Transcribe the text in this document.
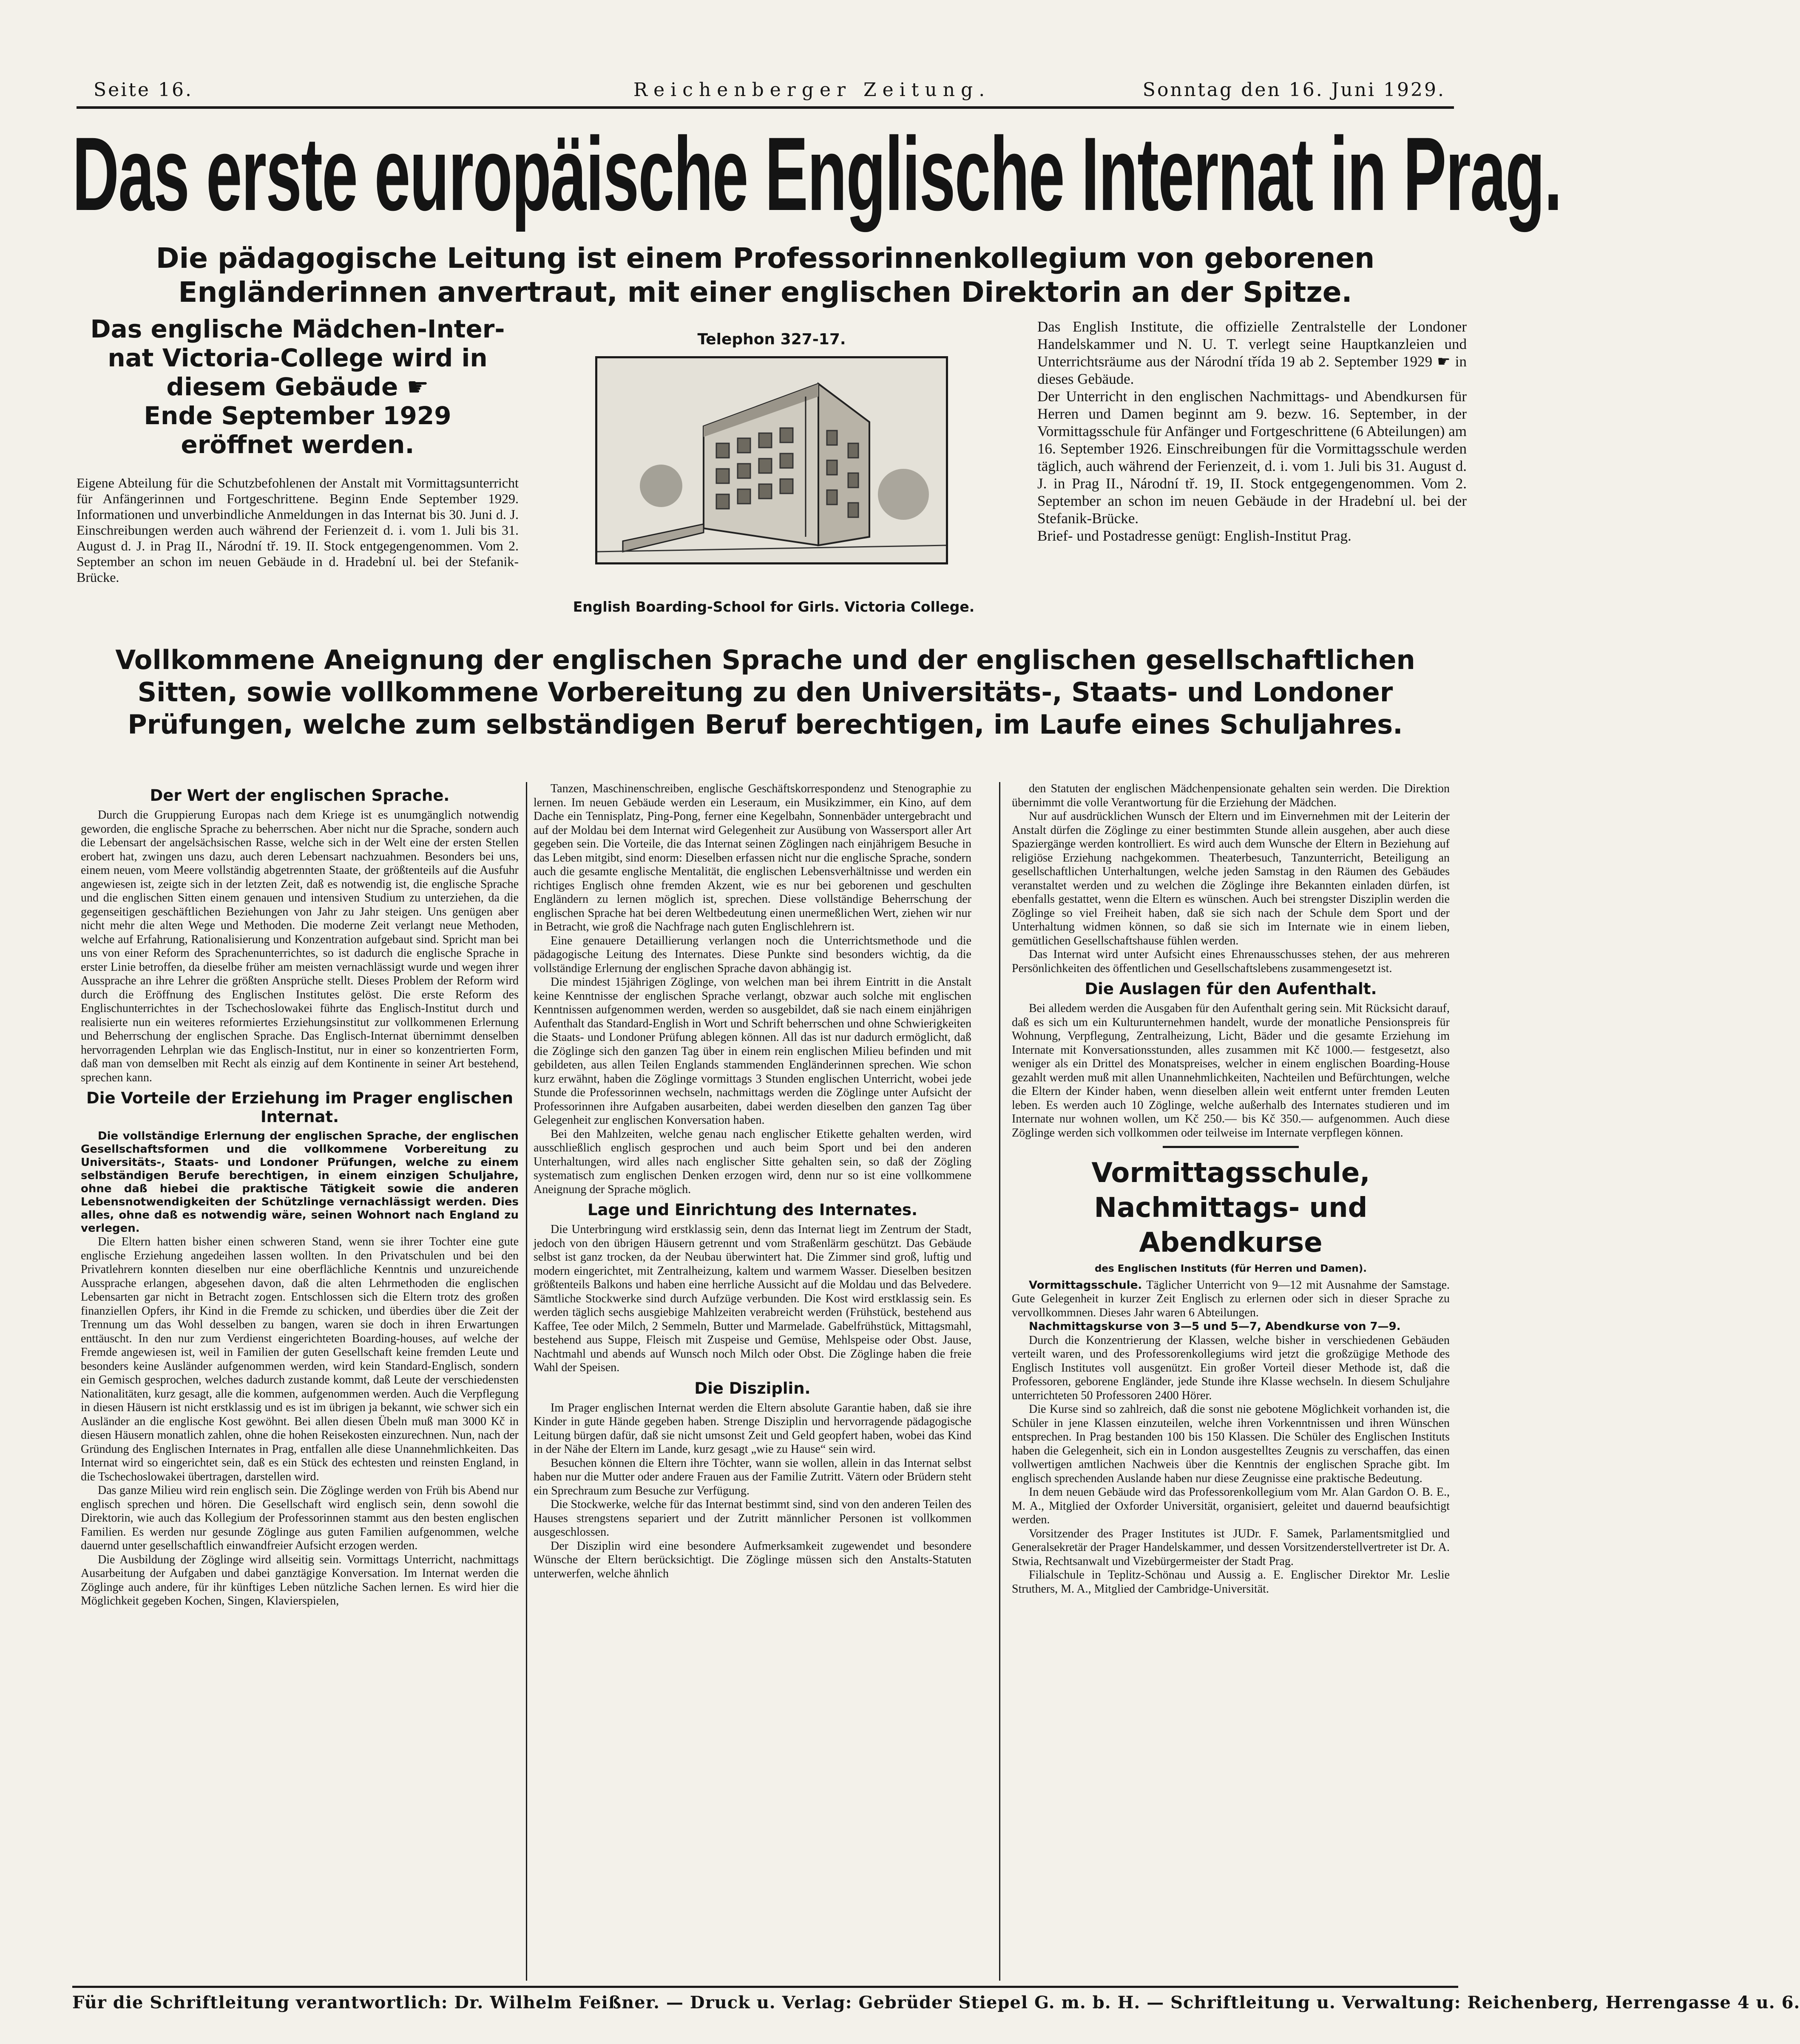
Seite 16.	Reichenberger Zeitung.	Sonntag den 16. Juni 1929.
Das erste europäische Englische Internat in Prag.
Die pädagogische Leitung ist einem Professorinnenkollegium von geborenen Engländerinnen anvertraut, mit einer englischen Direktorin an der Spitze.
Das englische Mädchen-Inter-
nat Victoria-College wird in
diesem Gebäude ☛
Ende September 1929
eröffnet werden.
Eigene Abteilung für die Schutzbefohlenen der Anstalt mit Vormittagsunterricht für Anfängerinnen und Fortgeschrittene. Beginn Ende September 1929. Informationen und unverbindliche Anmeldungen in das Internat bis 30. Juni d. J. Einschreibungen werden auch während der Ferienzeit d. i. vom 1. Juli bis 31. August d. J. in Prag II., Národní tř. 19. II. Stock entgegengenommen. Vom 2. September an schon im neuen Gebäude in d. Hradební ul. bei der Stefanik-Brücke.
Telephon 327-17.
English Boarding-School for Girls. Victoria College.
Das English Institute, die offizielle Zentralstelle der Londoner Handelskammer und N. U. T. verlegt seine Hauptkanzleien und Unterrichtsräume aus der Národní třída 19 ab 2. September 1929 ☛ in dieses Gebäude.
Der Unterricht in den englischen Nachmittags- und Abendkursen für Herren und Damen beginnt am 9. bezw. 16. September, in der Vormittagsschule für Anfänger und Fortgeschrittene (6 Abteilungen) am 16. September 1926. Einschreibungen für die Vormittagsschule werden täglich, auch während der Ferienzeit, d. i. vom 1. Juli bis 31. August d. J. in Prag II., Národní tř. 19, II. Stock entgegengenommen. Vom 2. September an schon im neuen Gebäude in der Hradební ul. bei der Stefanik-Brücke.
Brief- und Postadresse genügt: English-Institut Prag.
Vollkommene Aneignung der englischen Sprache und der englischen gesellschaftlichen Sitten, sowie vollkommene Vorbereitung zu den Universitäts-, Staats- und Londoner Prüfungen, welche zum selbständigen Beruf berechtigen, im Laufe eines Schuljahres.
Der Wert der englischen Sprache.

Durch die Gruppierung Europas nach dem Kriege ist es unumgänglich notwendig geworden, die englische Sprache zu beherrschen. Aber nicht nur die Sprache, sondern auch die Lebensart der angelsächsischen Rasse, welche sich in der Welt eine der ersten Stellen erobert hat, zwingen uns dazu, auch deren Lebensart nachzuahmen. Besonders bei uns, einem neuen, vom Meere vollständig abgetrennten Staate, der größtenteils auf die Ausfuhr angewiesen ist, zeigte sich in der letzten Zeit, daß es notwendig ist, die englische Sprache und die englischen Sitten einem genauen und intensiven Studium zu unterziehen, da die gegenseitigen geschäftlichen Beziehungen von Jahr zu Jahr steigen. Uns genügen aber nicht mehr die alten Wege und Methoden. Die moderne Zeit verlangt neue Methoden, welche auf Erfahrung, Rationalisierung und Konzentration aufgebaut sind. Spricht man bei uns von einer Reform des Sprachenunterrichtes, so ist dadurch die englische Sprache in erster Linie betroffen, da dieselbe früher am meisten vernachlässigt wurde und wegen ihrer Aussprache an ihre Lehrer die größten Ansprüche stellt. Dieses Problem der Reform wird durch die Eröffnung des Englischen Institutes gelöst. Die erste Reform des Englischunterrichtes in der Tschechoslowakei führte das Englisch-Institut durch und realisierte nun ein weiteres reformiertes Erziehungsinstitut zur vollkommenen Erlernung und Beherrschung der englischen Sprache. Das Englisch-Internat übernimmt denselben hervorragenden Lehrplan wie das Englisch-Institut, nur in einer so konzentrierten Form, daß man von demselben mit Recht als einzig auf dem Kontinente in seiner Art bestehend, sprechen kann.

Die Vorteile der Erziehung im Prager englischen Internat.

Die vollständige Erlernung der englischen Sprache, der englischen Gesellschaftsformen und die vollkommene Vorbereitung zu Universitäts-, Staats- und Londoner Prüfungen, welche zu einem selbständigen Berufe berechtigen, in einem einzigen Schuljahre, ohne daß hiebei die praktische Tätigkeit sowie die anderen Lebensnotwendigkeiten der Schützlinge vernachlässigt werden. Dies alles, ohne daß es notwendig wäre, seinen Wohnort nach England zu verlegen.

Die Eltern hatten bisher einen schweren Stand, wenn sie ihrer Tochter eine gute englische Erziehung angedeihen lassen wollten. In den Privatschulen und bei den Privatlehrern konnten dieselben nur eine oberflächliche Kenntnis und unzureichende Aussprache erlangen, abgesehen davon, daß die alten Lehrmethoden die englischen Lebensarten gar nicht in Betracht zogen. Entschlossen sich die Eltern trotz des großen finanziellen Opfers, ihr Kind in die Fremde zu schicken, und überdies über die Zeit der Trennung um das Wohl desselben zu bangen, waren sie doch in ihren Erwartungen enttäuscht. In den nur zum Verdienst eingerichteten Boarding-houses, auf welche der Fremde angewiesen ist, weil in Familien der guten Gesellschaft keine fremden Leute und besonders keine Ausländer aufgenommen werden, wird kein Standard-Englisch, sondern ein Gemisch gesprochen, welches dadurch zustande kommt, daß Leute der verschiedensten Nationalitäten, kurz gesagt, alle die kommen, aufgenommen werden. Auch die Verpflegung in diesen Häusern ist nicht erstklassig und es ist im übrigen ja bekannt, wie schwer sich ein Ausländer an die englische Kost gewöhnt. Bei allen diesen Übeln muß man 3000 Kč in diesen Häusern monatlich zahlen, ohne die hohen Reisekosten einzurechnen. Nun, nach der Gründung des Englischen Internates in Prag, entfallen alle diese Unannehmlichkeiten. Das Internat wird so eingerichtet sein, daß es ein Stück des echtesten und reinsten England, in die Tschechoslowakei übertragen, darstellen wird.

Das ganze Milieu wird rein englisch sein. Die Zöglinge werden von Früh bis Abend nur englisch sprechen und hören. Die Gesellschaft wird englisch sein, denn sowohl die Direktorin, wie auch das Kollegium der Professorinnen stammt aus den besten englischen Familien. Es werden nur gesunde Zöglinge aus guten Familien aufgenommen, welche dauernd unter gesellschaftlich einwandfreier Aufsicht erzogen werden.

Die Ausbildung der Zöglinge wird allseitig sein. Vormittags Unterricht, nachmittags Ausarbeitung der Aufgaben und dabei ganztägige Konversation. Im Internat werden die Zöglinge auch andere, für ihr künftiges Leben nützliche Sachen lernen. Es wird hier die Möglichkeit gegeben Kochen, Singen, Klavierspielen,

Tanzen, Maschinenschreiben, englische Geschäftskorrespondenz und Stenographie zu lernen. Im neuen Gebäude werden ein Leseraum, ein Musikzimmer, ein Kino, auf dem Dache ein Tennisplatz, Ping-Pong, ferner eine Kegelbahn, Sonnenbäder untergebracht und auf der Moldau bei dem Internat wird Gelegenheit zur Ausübung von Wassersport aller Art gegeben sein. Die Vorteile, die das Internat seinen Zöglingen nach einjährigem Besuche in das Leben mitgibt, sind enorm: Dieselben erfassen nicht nur die englische Sprache, sondern auch die gesamte englische Mentalität, die englischen Lebensverhältnisse und werden ein richtiges Englisch ohne fremden Akzent, wie es nur bei geborenen und geschulten Engländern zu lernen möglich ist, sprechen. Diese vollständige Beherrschung der englischen Sprache hat bei deren Weltbedeutung einen unermeßlichen Wert, ziehen wir nur in Betracht, wie groß die Nachfrage nach guten Englischlehrern ist.

Eine genauere Detaillierung verlangen noch die Unterrichtsmethode und die pädagogische Leitung des Internates. Diese Punkte sind besonders wichtig, da die vollständige Erlernung der englischen Sprache davon abhängig ist.

Die mindest 15jährigen Zöglinge, von welchen man bei ihrem Eintritt in die Anstalt keine Kenntnisse der englischen Sprache verlangt, obzwar auch solche mit englischen Kenntnissen aufgenommen werden, werden so ausgebildet, daß sie nach einem einjährigen Aufenthalt das Standard-English in Wort und Schrift beherrschen und ohne Schwierigkeiten die Staats- und Londoner Prüfung ablegen können. All das ist nur dadurch ermöglicht, daß die Zöglinge sich den ganzen Tag über in einem rein englischen Milieu befinden und mit gebildeten, aus allen Teilen Englands stammenden Engländerinnen sprechen. Wie schon kurz erwähnt, haben die Zöglinge vormittags 3 Stunden englischen Unterricht, wobei jede Stunde die Professorinnen wechseln, nachmittags werden die Zöglinge unter Aufsicht der Professorinnen ihre Aufgaben ausarbeiten, dabei werden dieselben den ganzen Tag über Gelegenheit zur englischen Konversation haben.

Bei den Mahlzeiten, welche genau nach englischer Etikette gehalten werden, wird ausschließlich englisch gesprochen und auch beim Sport und bei den anderen Unterhaltungen, wird alles nach englischer Sitte gehalten sein, so daß der Zögling systematisch zum englischen Denken erzogen wird, denn nur so ist eine vollkommene Aneignung der Sprache möglich.

Lage und Einrichtung des Internates.

Die Unterbringung wird erstklassig sein, denn das Internat liegt im Zentrum der Stadt, jedoch von den übrigen Häusern getrennt und vom Straßenlärm geschützt. Das Gebäude selbst ist ganz trocken, da der Neubau überwintert hat. Die Zimmer sind groß, luftig und modern eingerichtet, mit Zentralheizung, kaltem und warmem Wasser. Dieselben besitzen größtenteils Balkons und haben eine herrliche Aussicht auf die Moldau und das Belvedere. Sämtliche Stockwerke sind durch Aufzüge verbunden. Die Kost wird erstklassig sein. Es werden täglich sechs ausgiebige Mahlzeiten verabreicht werden (Frühstück, bestehend aus Kaffee, Tee oder Milch, 2 Semmeln, Butter und Marmelade. Gabelfrühstück, Mittagsmahl, bestehend aus Suppe, Fleisch mit Zuspeise und Gemüse, Mehlspeise oder Obst. Jause, Nachtmahl und abends auf Wunsch noch Milch oder Obst. Die Zöglinge haben die freie Wahl der Speisen.

Die Disziplin.

Im Prager englischen Internat werden die Eltern absolute Garantie haben, daß sie ihre Kinder in gute Hände gegeben haben. Strenge Disziplin und hervorragende pädagogische Leitung bürgen dafür, daß sie nicht umsonst Zeit und Geld geopfert haben, wobei das Kind in der Nähe der Eltern im Lande, kurz gesagt „wie zu Hause“ sein wird.

Besuchen können die Eltern ihre Töchter, wann sie wollen, allein in das Internat selbst haben nur die Mutter oder andere Frauen aus der Familie Zutritt. Vätern oder Brüdern steht ein Sprechraum zum Besuche zur Verfügung.

Die Stockwerke, welche für das Internat bestimmt sind, sind von den anderen Teilen des Hauses strengstens separiert und der Zutritt männlicher Personen ist vollkommen ausgeschlossen.

Der Disziplin wird eine besondere Aufmerksamkeit zugewendet und besondere Wünsche der Eltern berücksichtigt. Die Zöglinge müssen sich den Anstalts-Statuten unterwerfen, welche ähnlich

den Statuten der englischen Mädchenpensionate gehalten sein werden. Die Direktion übernimmt die volle Verantwortung für die Erziehung der Mädchen.

Nur auf ausdrücklichen Wunsch der Eltern und im Einvernehmen mit der Leiterin der Anstalt dürfen die Zöglinge zu einer bestimmten Stunde allein ausgehen, aber auch diese Spaziergänge werden kontrolliert. Es wird auch dem Wunsche der Eltern in Beziehung auf religiöse Erziehung nachgekommen. Theaterbesuch, Tanzunterricht, Beteiligung an gesellschaftlichen Unterhaltungen, welche jeden Samstag in den Räumen des Gebäudes veranstaltet werden und zu welchen die Zöglinge ihre Bekannten einladen dürfen, ist ebenfalls gestattet, wenn die Eltern es wünschen. Auch bei strengster Disziplin werden die Zöglinge so viel Freiheit haben, daß sie sich nach der Schule dem Sport und der Unterhaltung widmen können, so daß sie sich im Internate wie in einem lieben, gemütlichen Gesellschaftshause fühlen werden.

Das Internat wird unter Aufsicht eines Ehrenausschusses stehen, der aus mehreren Persönlichkeiten des öffentlichen und Gesellschaftslebens zusammengesetzt ist.

Die Auslagen für den Aufenthalt.

Bei alledem werden die Ausgaben für den Aufenthalt gering sein. Mit Rücksicht darauf, daß es sich um ein Kulturunternehmen handelt, wurde der monatliche Pensionspreis für Wohnung, Verpflegung, Zentralheizung, Licht, Bäder und die gesamte Erziehung im Internate mit Konversationsstunden, alles zusammen mit Kč 1000.— festgesetzt, also weniger als ein Drittel des Monatspreises, welcher in einem englischen Boarding-House gezahlt werden muß mit allen Unannehmlichkeiten, Nachteilen und Befürchtungen, welche die Eltern der Kinder haben, wenn dieselben allein weit entfernt unter fremden Leuten leben. Es werden auch 10 Zöglinge, welche außerhalb des Internates studieren und im Internate nur wohnen wollen, um Kč 250.— bis Kč 350.— aufgenommen. Auch diese Zöglinge werden sich vollkommen oder teilweise im Internate verpflegen können.

Vormittagsschule, Nachmittags- und Abendkurse
des Englischen Instituts (für Herren und Damen).

Vormittagsschule. Täglicher Unterricht von 9—12 mit Ausnahme der Samstage. Gute Gelegenheit in kurzer Zeit Englisch zu erlernen oder sich in dieser Sprache zu vervollkommnen. Dieses Jahr waren 6 Abteilungen.

Nachmittagskurse von 3—5 und 5—7, Abendkurse von 7—9.

Durch die Konzentrierung der Klassen, welche bisher in verschiedenen Gebäuden verteilt waren, und des Professorenkollegiums wird jetzt die großzügige Methode des Englisch Institutes voll ausgenützt. Ein großer Vorteil dieser Methode ist, daß die Professoren, geborene Engländer, jede Stunde ihre Klasse wechseln. In diesem Schuljahre unterrichteten 50 Professoren 2400 Hörer.

Die Kurse sind so zahlreich, daß die sonst nie gebotene Möglichkeit vorhanden ist, die Schüler in jene Klassen einzuteilen, welche ihren Vorkenntnissen und ihren Wünschen entsprechen. In Prag bestanden 100 bis 150 Klassen. Die Schüler des Englischen Instituts haben die Gelegenheit, sich ein in London ausgestelltes Zeugnis zu verschaffen, das einen vollwertigen amtlichen Nachweis über die Kenntnis der englischen Sprache gibt. Im englisch sprechenden Auslande haben nur diese Zeugnisse eine praktische Bedeutung.

In dem neuen Gebäude wird das Professorenkollegium vom Mr. Alan Gardon O. B. E., M. A., Mitglied der Oxforder Universität, organisiert, geleitet und dauernd beaufsichtigt werden.

Vorsitzender des Prager Institutes ist JUDr. F. Samek, Parlamentsmitglied und Generalsekretär der Prager Handelskammer, und dessen Vorsitzenderstellvertreter ist Dr. A. Stwia, Rechtsanwalt und Vizebürgermeister der Stadt Prag.

Filialschule in Teplitz-Schönau und Aussig a. E. Englischer Direktor Mr. Leslie Struthers, M. A., Mitglied der Cambridge-Universität.

Für die Schriftleitung verantwortlich: Dr. Wilhelm Feißner. — Druck u. Verlag: Gebrüder Stiepel G. m. b. H. — Schriftleitung u. Verwaltung: Reichenberg, Herrengasse 4 u. 6.
